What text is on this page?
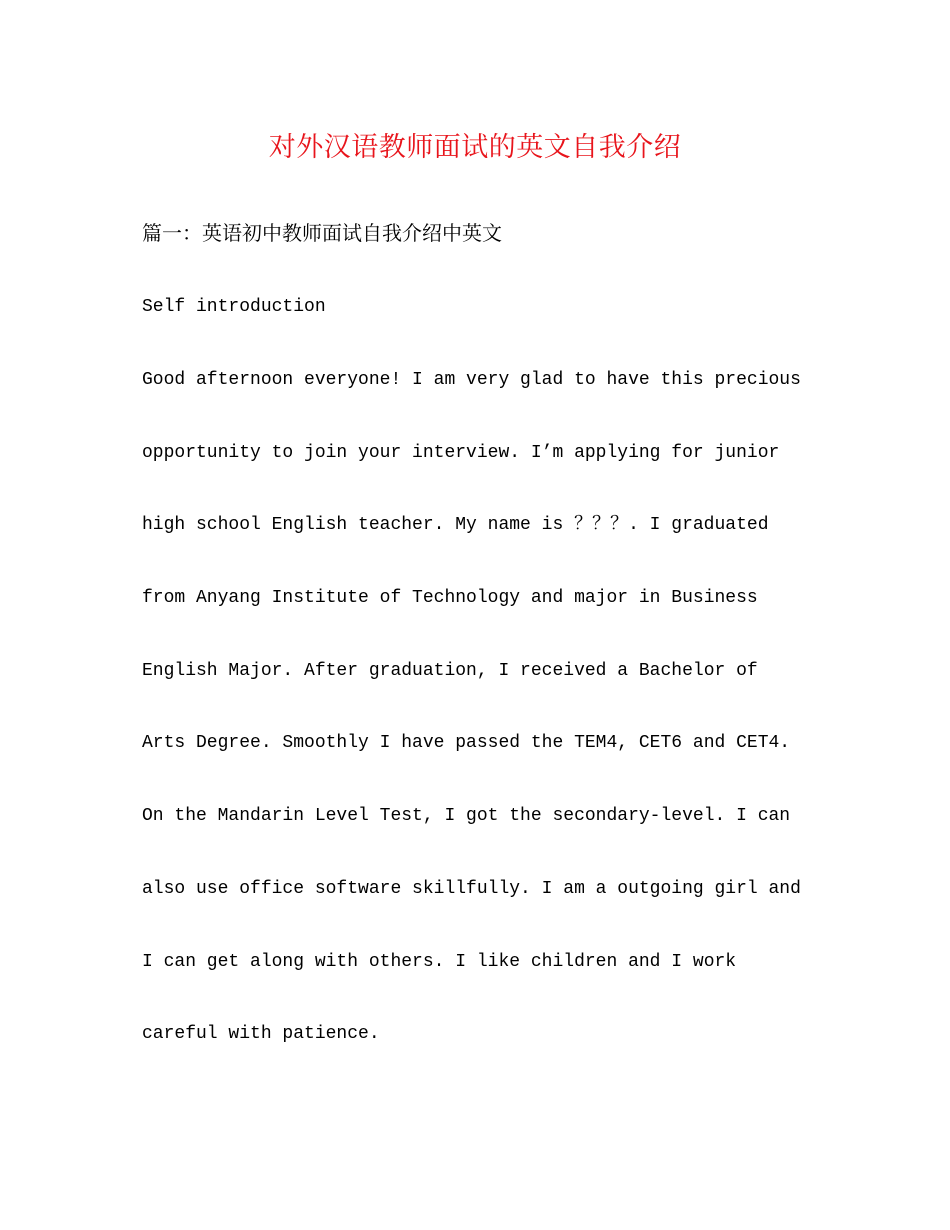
对外汉语教师面试的英文自我介绍
篇一：英语初中教师面试自我介绍中英文
Self introduction
Good afternoon everyone! I am very glad to have this precious
opportunity to join your interview. I’m applying for junior
high school English teacher. My name is ？？？. I graduated
from Anyang Institute of Technology and major in Business
English Major. After graduation, I received a Bachelor of
Arts Degree. Smoothly I have passed the TEM4, CET6 and CET4.
On the Mandarin Level Test, I got the secondary-level. I can
also use office software skillfully. I am a outgoing girl and
I can get along with others. I like children and I work
careful with patience.
